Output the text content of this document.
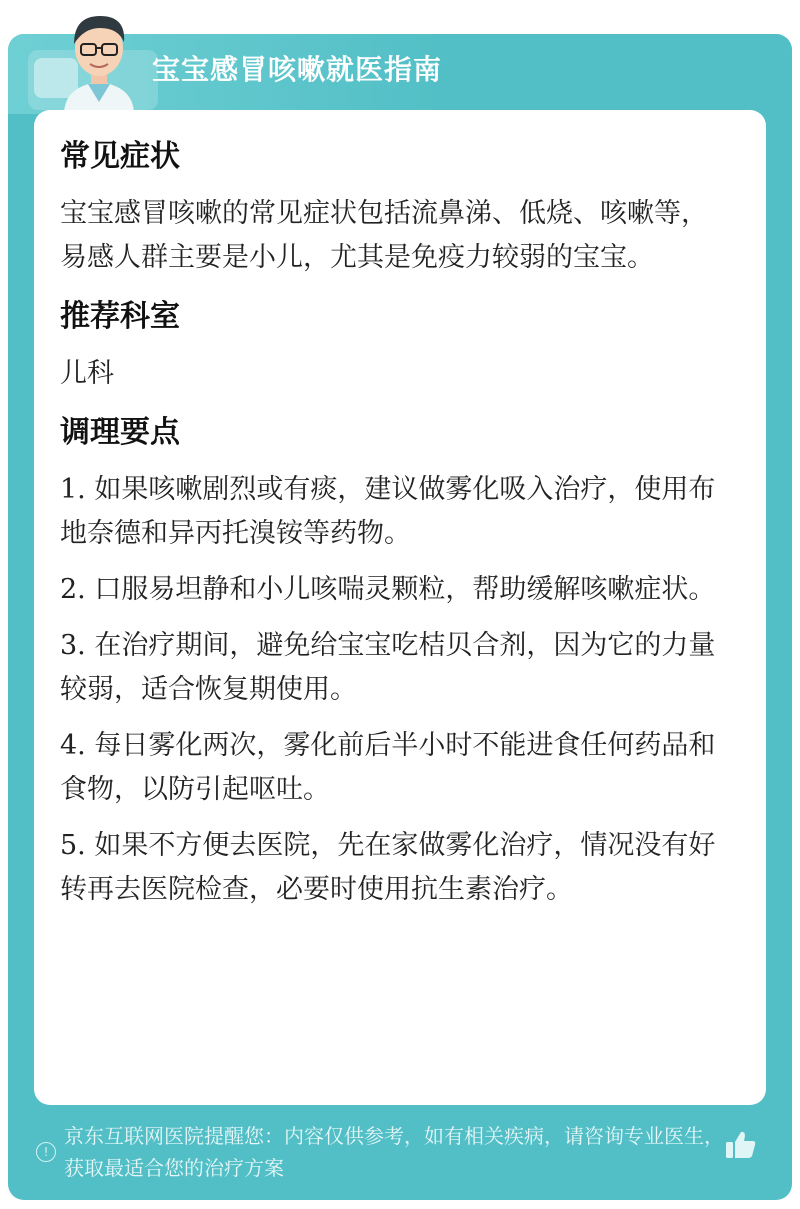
宝宝感冒咳嗽就医指南
常见症状
宝宝感冒咳嗽的常见症状包括流鼻涕、低烧、咳嗽等，易感人群主要是小儿，尤其是免疫力较弱的宝宝。
推荐科室
儿科
调理要点
1. 如果咳嗽剧烈或有痰，建议做雾化吸入治疗，使用布地奈德和异丙托溴铵等药物。
2. 口服易坦静和小儿咳喘灵颗粒，帮助缓解咳嗽症状。
3. 在治疗期间，避免给宝宝吃桔贝合剂，因为它的力量较弱，适合恢复期使用。
4. 每日雾化两次，雾化前后半小时不能进食任何药品和食物，以防引起呕吐。
5. 如果不方便去医院，先在家做雾化治疗，情况没有好转再去医院检查，必要时使用抗生素治疗。
!
京东互联网医院提醒您：内容仅供参考，如有相关疾病，请咨询专业医生，获取最适合您的治疗方案
